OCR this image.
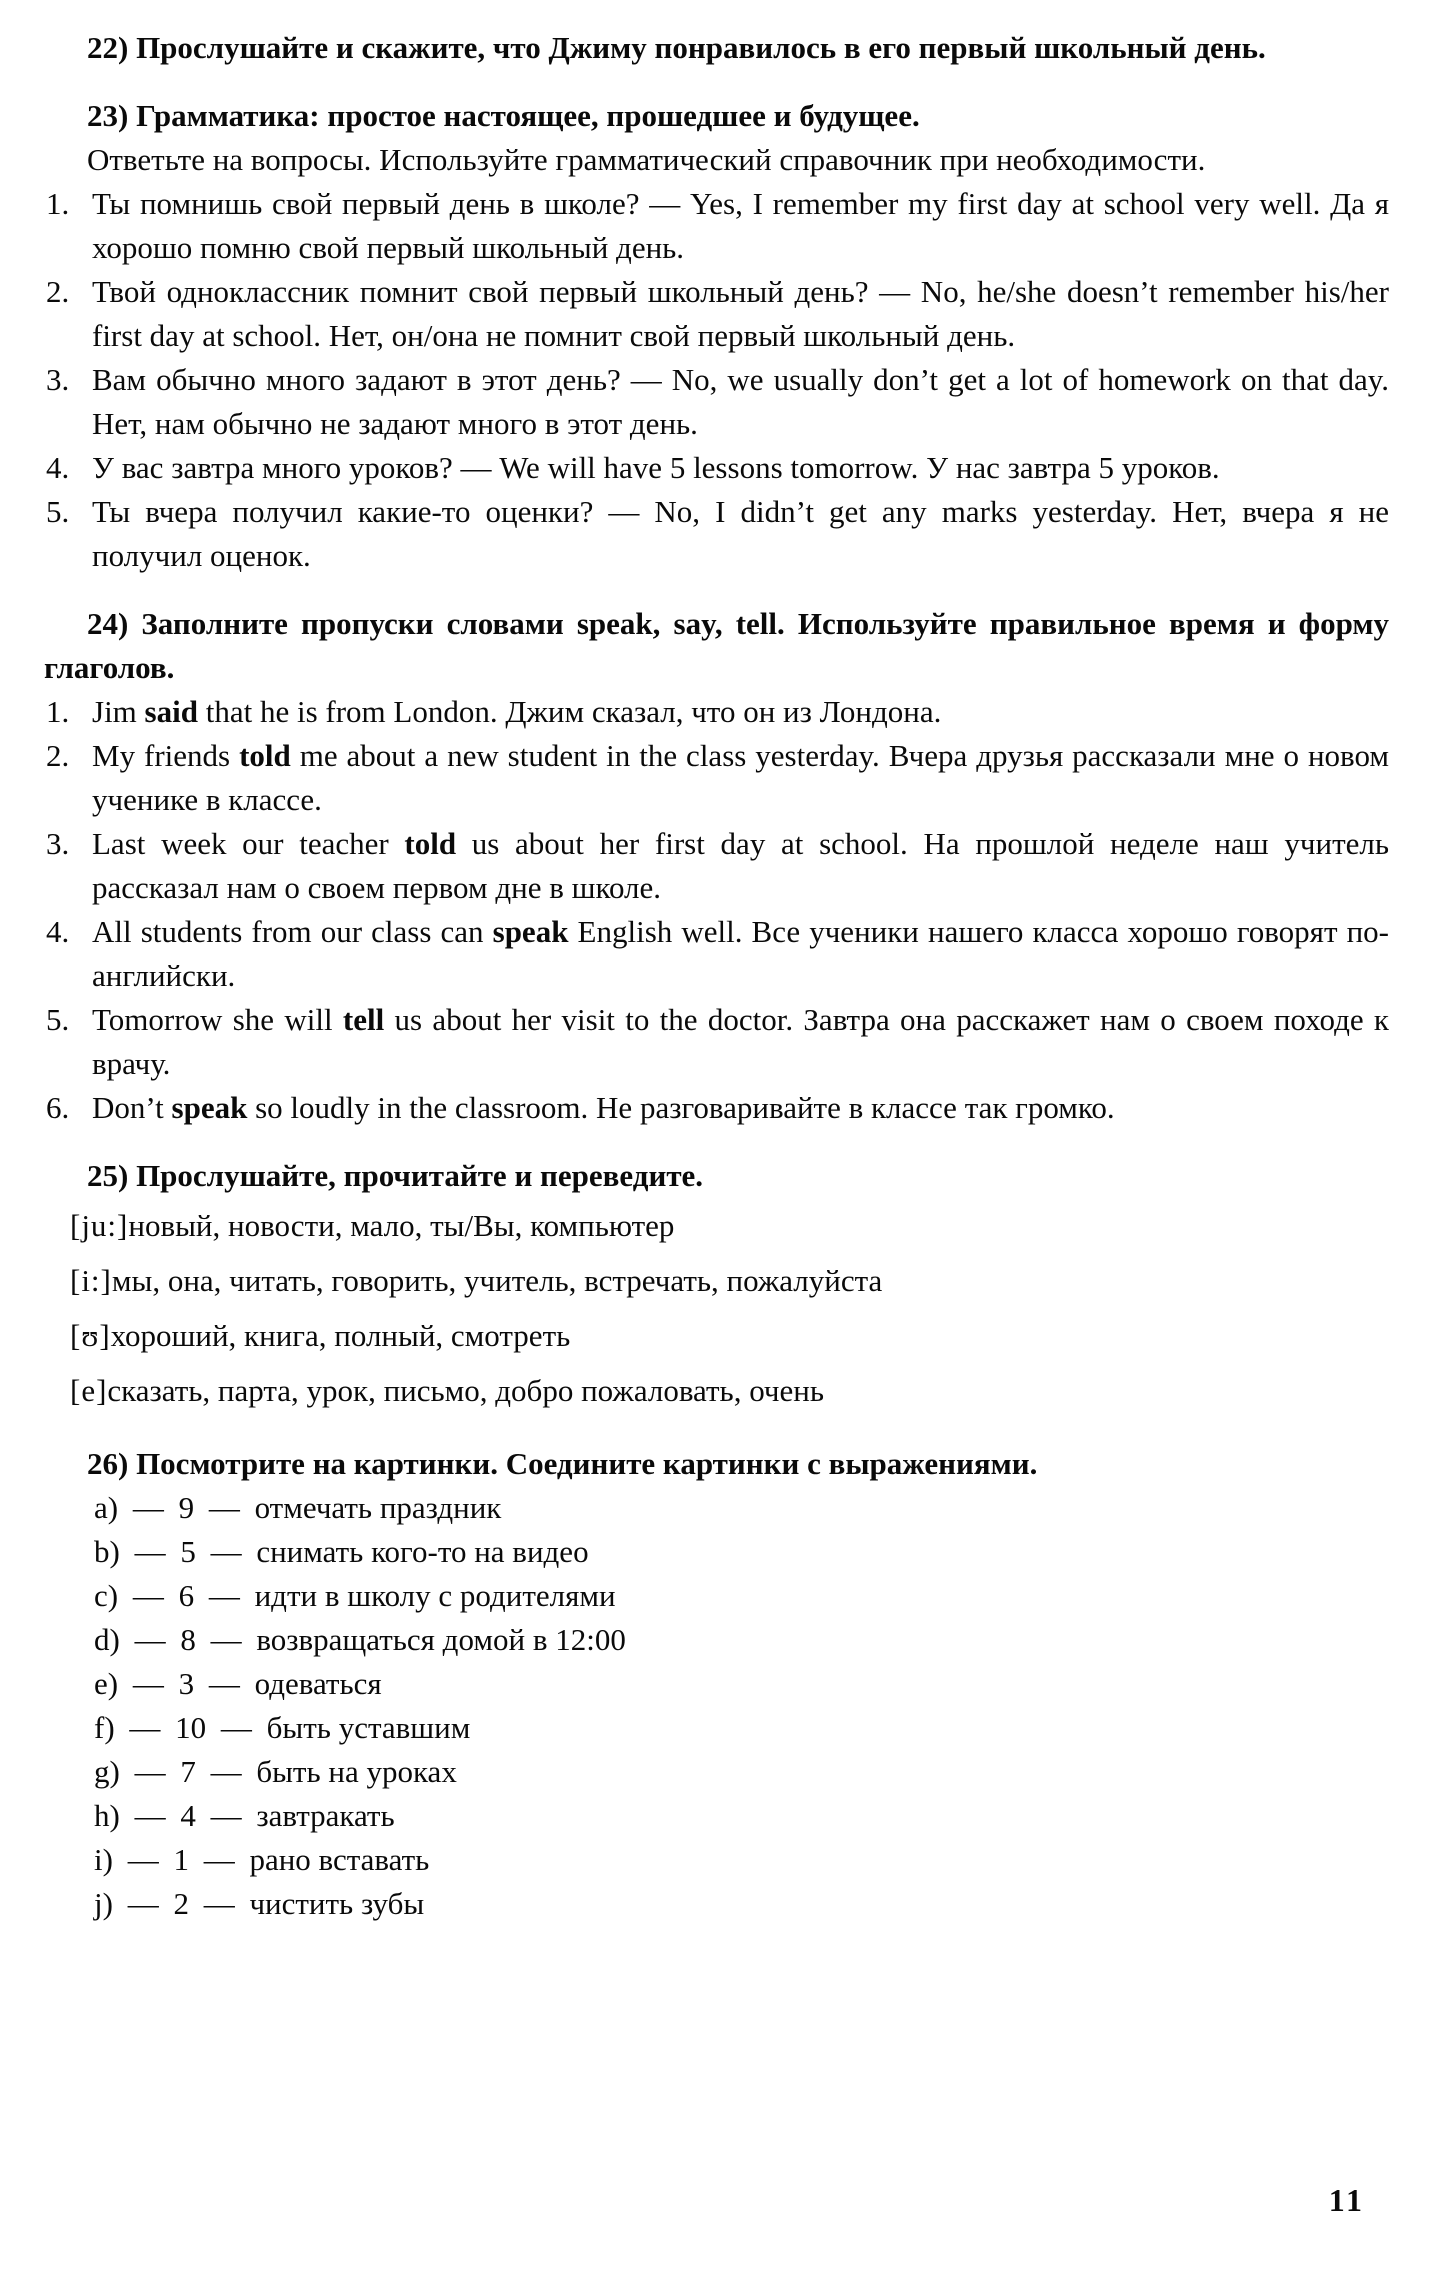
22) Прослушайте и скажите, что Джиму понравилось в его первый школьный день.

23) Грамматика: простое настоящее, прошедшее и будущее.

Ответьте на вопросы. Используйте грамматический справочник при необходимости.

1. Ты помнишь свой первый день в школе? — Yes, I remember my first day at school very well. Да я хорошо помню свой первый школьный день.
2. Твой одноклассник помнит свой первый школьный день? — No, he/she doesn’t remember his/her first day at school. Нет, он/она не помнит свой первый школьный день.
3. Вам обычно много задают в этот день? — No, we usually don’t get a lot of homework on that day. Нет, нам обычно не задают много в этот день.
4. У вас завтра много уроков? — We will have 5 lessons tomorrow. У нас завтра 5 уроков.
5. Ты вчера получил какие-то оценки? — No, I didn’t get any marks yesterday. Нет, вчера я не получил оценок.

24) Заполните пропуски словами speak, say, tell. Используйте правильное время и форму глаголов.

1. Jim said that he is from London. Джим сказал, что он из Лондона.
2. My friends told me about a new student in the class yesterday. Вчера друзья рассказали мне о новом ученике в классе.
3. Last week our teacher told us about her first day at school. На прошлой неделе наш учитель рассказал нам о своем первом дне в школе.
4. All students from our class can speak English well. Все ученики нашего класса хорошо говорят по-английски.
5. Tomorrow she will tell us about her visit to the doctor. Завтра она расскажет нам о своем походе к врачу.
6. Don’t speak so loudly in the classroom. Не разговаривайте в классе так громко.

25) Прослушайте, прочитайте и переведите.

[ju:]новый, новости, мало, ты/Вы, компьютер

[i:]мы, она, читать, говорить, учитель, встречать, пожалуйста

[ʊ]хороший, книга, полный, смотреть

[e]сказать, парта, урок, письмо, добро пожаловать, очень

26) Посмотрите на картинки. Соедините картинки с выражениями.

a) — 9 — отмечать праздник
b) — 5 — снимать кого-то на видео
c) — 6 — идти в школу с родителями
d) — 8 — возвращаться домой в 12:00
e) — 3 — одеваться
f) — 10 — быть уставшим
g) — 7 — быть на уроках
h) — 4 — завтракать
i) — 1 — рано вставать
j) — 2 — чистить зубы
11
